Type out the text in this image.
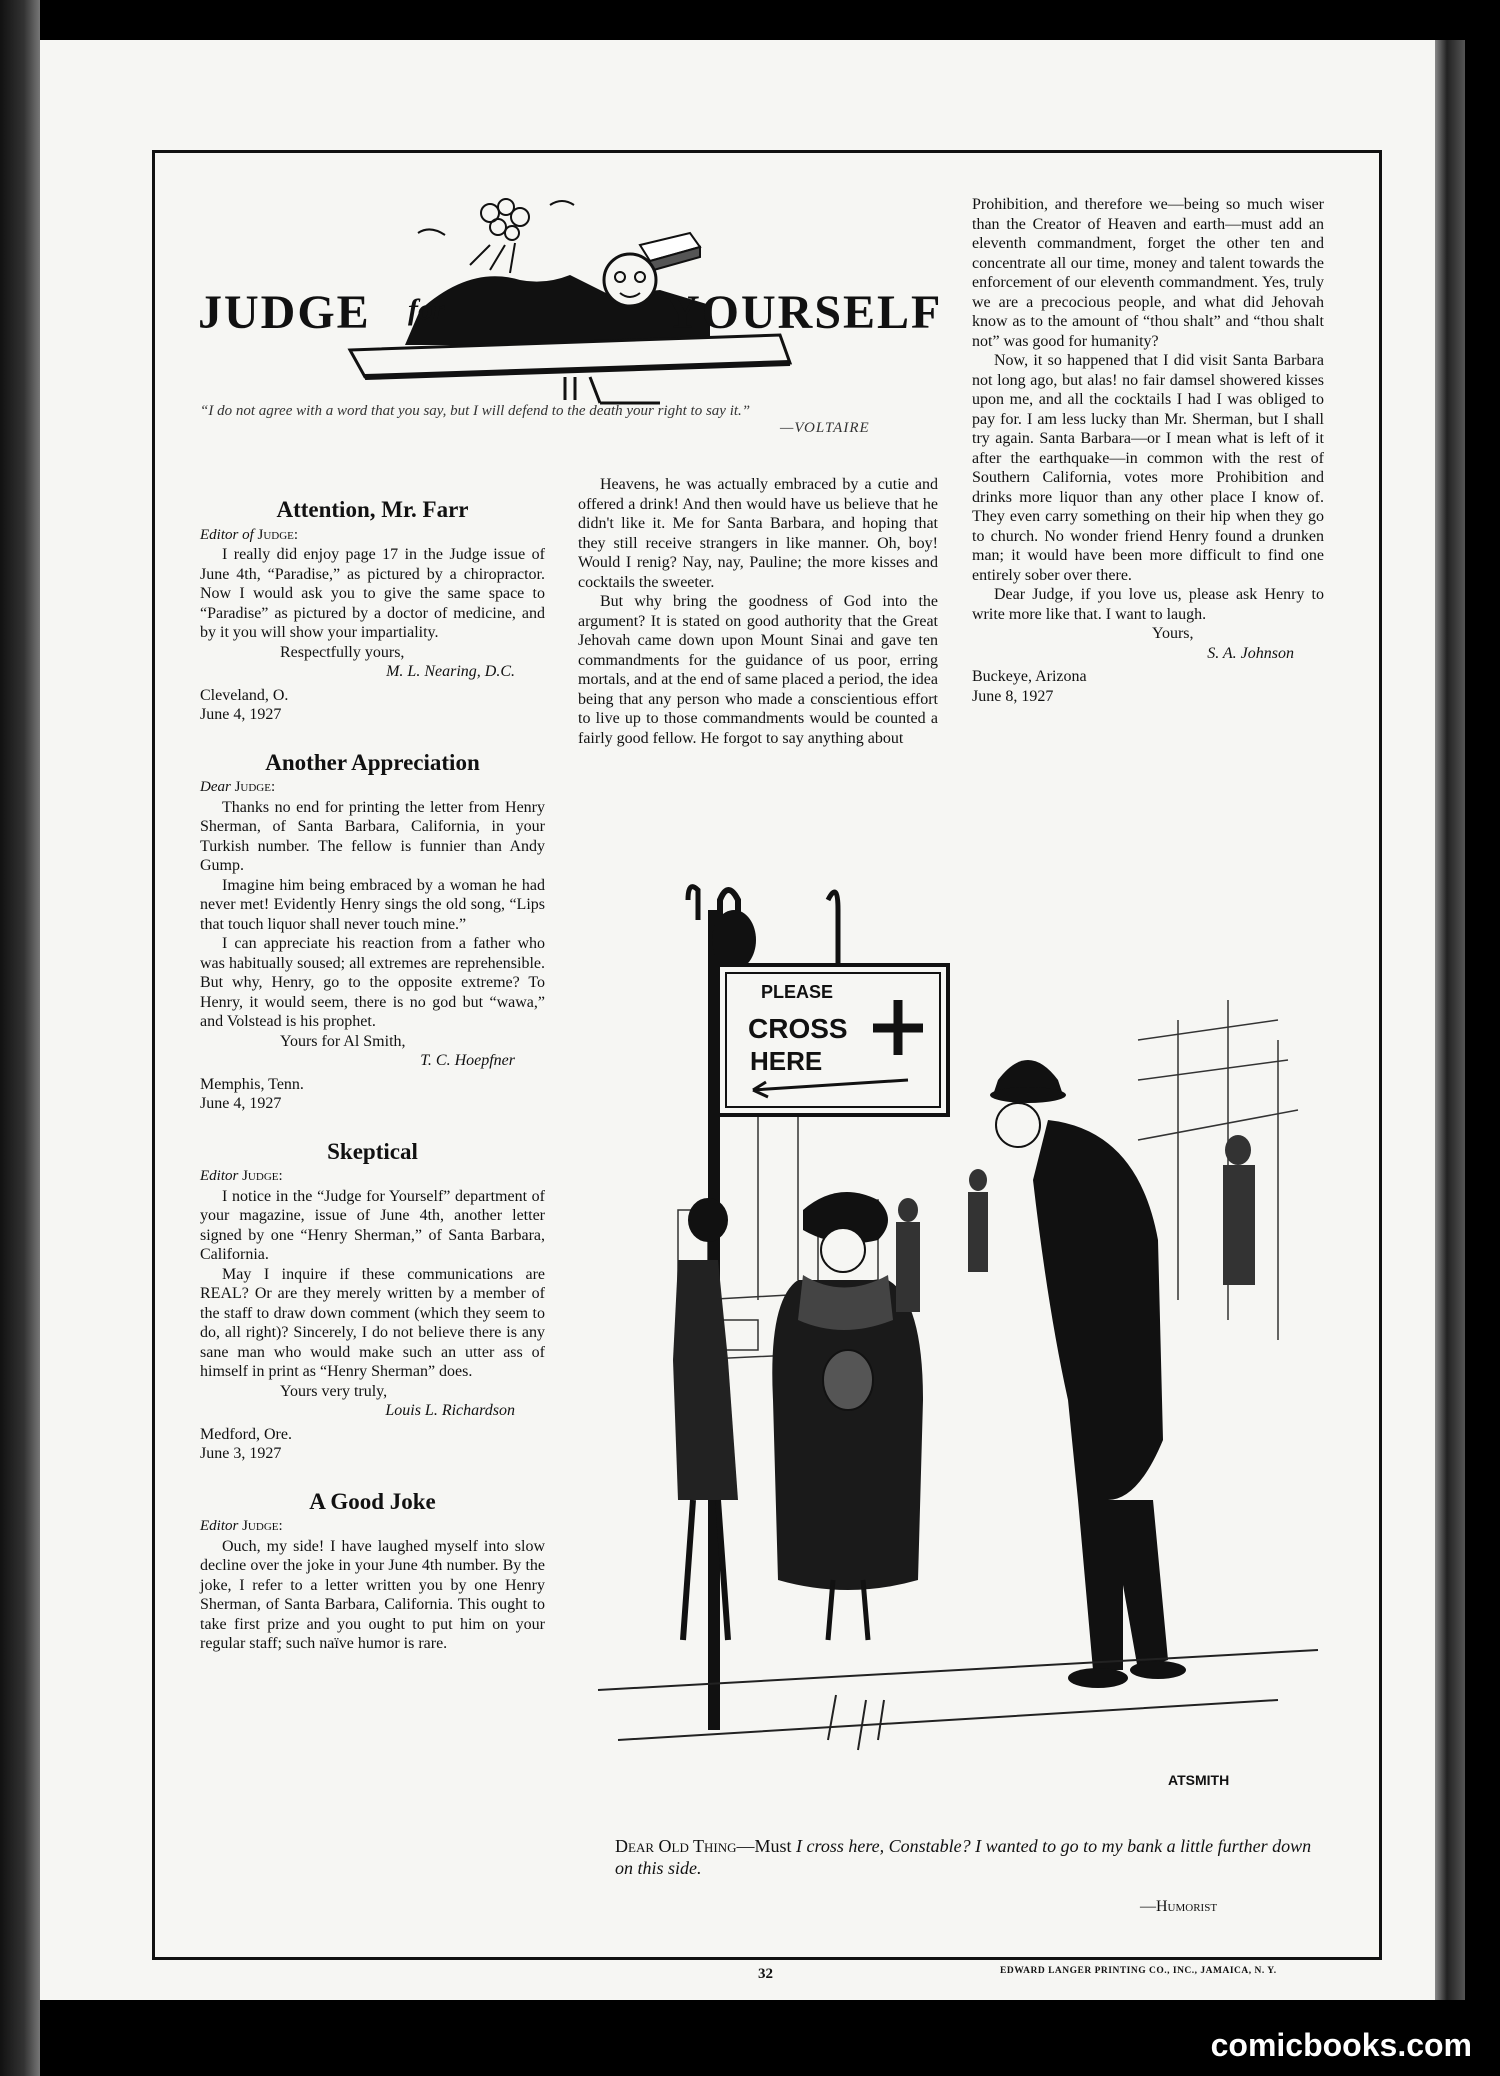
JUDGE for	YOURSELF
“I do not agree with a word that you say, but I will defend to the death your right to say it.”
—VOLTAIRE
Attention, Mr. Farr

Editor of Judge:

I really did enjoy page 17 in the Judge issue of June 4th, “Paradise,” as pictured by a chiropractor. Now I would ask you to give the same space to “Paradise” as pictured by a doctor of medicine, and by it you will show your impartiality.

Respectfully yours,

M. L. Nearing, D.C.

Cleveland, O.

June 4, 1927

Another Appreciation

Dear Judge:

Thanks no end for printing the letter from Henry Sherman, of Santa Barbara, California, in your Turkish number. The fellow is funnier than Andy Gump.

Imagine him being embraced by a woman he had never met! Evidently Henry sings the old song, “Lips that touch liquor shall never touch mine.”

I can appreciate his reaction from a father who was habitually soused; all extremes are reprehensible. But why, Henry, go to the opposite extreme? To Henry, it would seem, there is no god but “wawa,” and Volstead is his prophet.

Yours for Al Smith,

T. C. Hoepfner

Memphis, Tenn.

June 4, 1927

Skeptical

Editor Judge:

I notice in the “Judge for Yourself” department of your magazine, issue of June 4th, another letter signed by one “Henry Sherman,” of Santa Barbara, California.

May I inquire if these communications are REAL? Or are they merely written by a member of the staff to draw down comment (which they seem to do, all right)? Sincerely, I do not believe there is any sane man who would make such an utter ass of himself in print as “Henry Sherman” does.

Yours very truly,

Louis L. Richardson

Medford, Ore.

June 3, 1927

A Good Joke

Editor Judge:

Ouch, my side! I have laughed myself into slow decline over the joke in your June 4th number. By the joke, I refer to a letter written you by one Henry Sherman, of Santa Barbara, California. This ought to take first prize and you ought to put him on your regular staff; such naïve humor is rare.

Heavens, he was actually embraced by a cutie and offered a drink! And then would have us believe that he didn't like it. Me for Santa Barbara, and hoping that they still receive strangers in like manner. Oh, boy! Would I renig? Nay, nay, Pauline; the more kisses and cocktails the sweeter.

But why bring the goodness of God into the argument? It is stated on good authority that the Great Jehovah came down upon Mount Sinai and gave ten commandments for the guidance of us poor, erring mortals, and at the end of same placed a period, the idea being that any person who made a conscientious effort to live up to those commandments would be counted a fairly good fellow. He forgot to say anything about

Prohibition, and therefore we—being so much wiser than the Creator of Heaven and earth—must add an eleventh commandment, forget the other ten and concentrate all our time, money and talent towards the enforcement of our eleventh commandment. Yes, truly we are a precocious people, and what did Jehovah know as to the amount of “thou shalt” and “thou shalt not” was good for humanity?

Now, it so happened that I did visit Santa Barbara not long ago, but alas! no fair damsel showered kisses upon me, and all the cocktails I had I was obliged to pay for. I am less lucky than Mr. Sherman, but I shall try again. Santa Barbara—or I mean what is left of it after the earthquake—in common with the rest of Southern California, votes more Prohibition and drinks more liquor than any other place I know of. They even carry something on their hip when they go to church. No wonder friend Henry found a drunken man; it would have been more difficult to find one entirely sober over there.

Dear Judge, if you love us, please ask Henry to write more like that. I want to laugh.

Yours,

S. A. Johnson

Buckeye, Arizona

June 8, 1927

PLEASE
CROSS
HERE
ATSMITH
Dear Old Thing—Must I cross here, Constable? I wanted to go to my bank a little further down on this side.
—Humorist
32	EDWARD LANGER PRINTING CO., INC., JAMAICA, N. Y.
comicbooks.com
